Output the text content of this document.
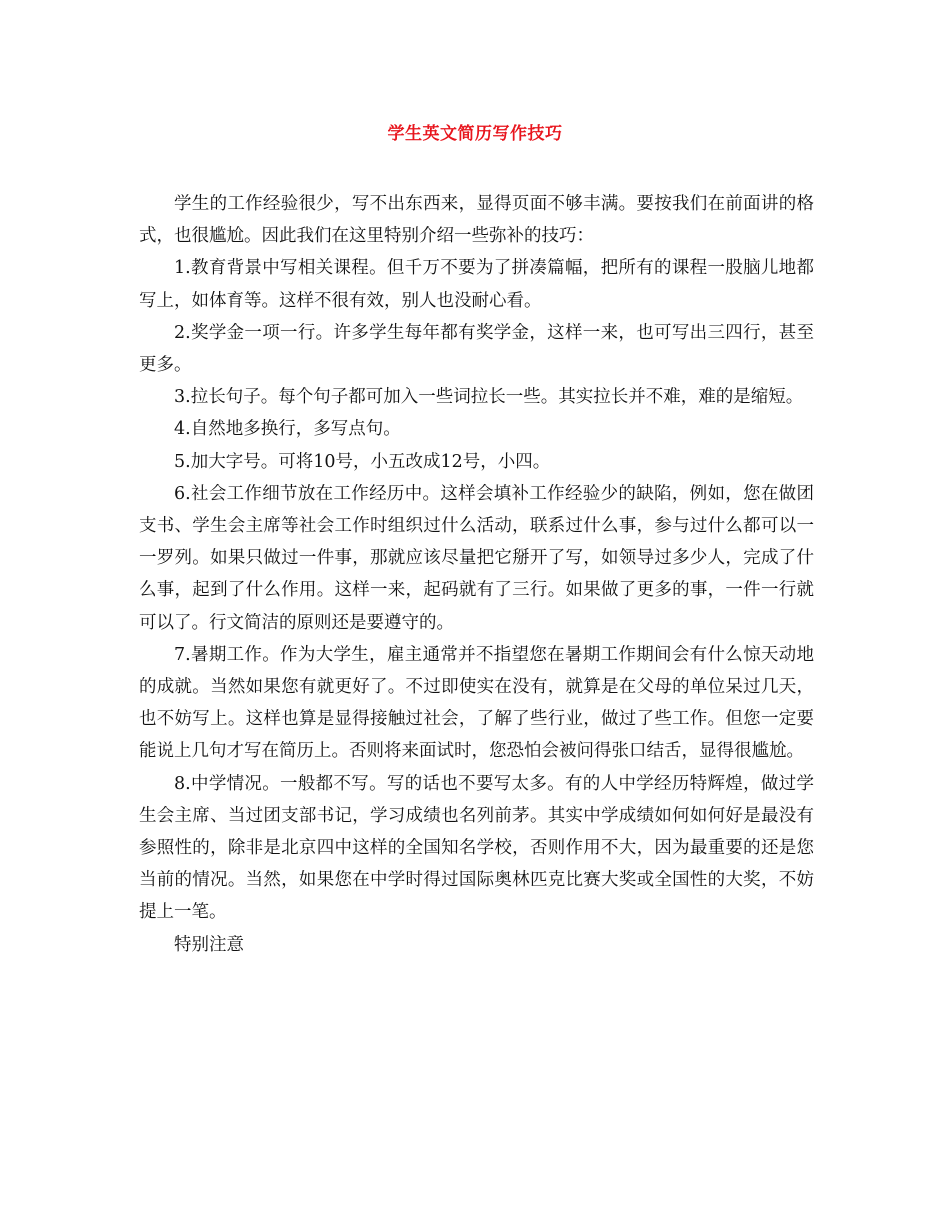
学生英文简历写作技巧

学生的工作经验很少，写不出东西来，显得页面不够丰满。要按我们在前面讲的格式，也很尴尬。因此我们在这里特别介绍一些弥补的技巧：

1.教育背景中写相关课程。但千万不要为了拼凑篇幅，把所有的课程一股脑儿地都写上，如体育等。这样不很有效，别人也没耐心看。

2.奖学金一项一行。许多学生每年都有奖学金，这样一来，也可写出三四行，甚至更多。

3.拉长句子。每个句子都可加入一些词拉长一些。其实拉长并不难，难的是缩短。

4.自然地多换行，多写点句。

5.加大字号。可将10号，小五改成12号，小四。

6.社会工作细节放在工作经历中。这样会填补工作经验少的缺陷，例如，您在做团支书、学生会主席等社会工作时组织过什么活动，联系过什么事，参与过什么都可以一一罗列。如果只做过一件事，那就应该尽量把它掰开了写，如领导过多少人，完成了什么事，起到了什么作用。这样一来，起码就有了三行。如果做了更多的事，一件一行就可以了。行文简洁的原则还是要遵守的。

7.暑期工作。作为大学生，雇主通常并不指望您在暑期工作期间会有什么惊天动地的成就。当然如果您有就更好了。不过即使实在没有，就算是在父母的单位呆过几天，也不妨写上。这样也算是显得接触过社会，了解了些行业，做过了些工作。但您一定要能说上几句才写在简历上。否则将来面试时，您恐怕会被问得张口结舌，显得很尴尬。

8.中学情况。一般都不写。写的话也不要写太多。有的人中学经历特辉煌，做过学生会主席、当过团支部书记，学习成绩也名列前茅。其实中学成绩如何如何好是最没有参照性的，除非是北京四中这样的全国知名学校，否则作用不大，因为最重要的还是您当前的情况。当然，如果您在中学时得过国际奥林匹克比赛大奖或全国性的大奖，不妨提上一笔。

特别注意
